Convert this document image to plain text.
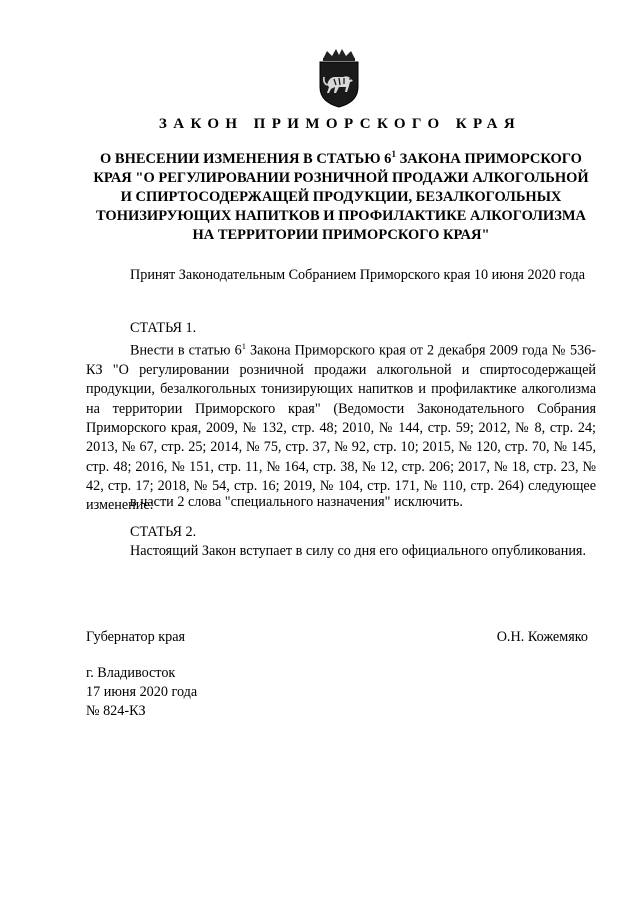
ЗАКОН ПРИМОРСКОГО КРАЯ
О ВНЕСЕНИИ ИЗМЕНЕНИЯ В СТАТЬЮ $6^1$ ЗАКОНА ПРИМОРСКОГО КРАЯ "О РЕГУЛИРОВАНИИ РОЗНИЧНОЙ ПРОДАЖИ АЛКОГОЛЬНОЙ И СПИРТОСОДЕРЖАЩЕЙ ПРОДУКЦИИ, БЕЗАЛКОГОЛЬНЫХ ТОНИЗИРУЮЩИХ НАПИТКОВ И ПРОФИЛАКТИКЕ АЛКОГОЛИЗМА НА ТЕРРИТОРИИ ПРИМОРСКОГО КРАЯ"
Принят Законодательным Собранием Приморского края 10 июня 2020 года
СТАТЬЯ 1.
Внести в статью $6^1$ Закона Приморского края от 2 декабря 2009 года № 536-КЗ "О регулировании розничной продажи алкогольной и спиртосодержащей продукции, безалкогольных тонизирующих напитков и профилактике алкоголизма на территории Приморского края" (Ведомости Законодательного Собрания Приморского края, 2009, № 132, стр. 48; 2010, № 144, стр. 59; 2012, № 8, стр. 24; 2013, № 67, стр. 25; 2014, № 75, стр. 37, № 92, стр. 10; 2015, № 120, стр. 70, № 145, стр. 48; 2016, № 151, стр. 11, № 164, стр. 38, № 12, стр. 206; 2017, № 18, стр. 23, № 42, стр. 17; 2018, № 54, стр. 16; 2019, № 104, стр. 171, № 110, стр. 264) следующее изменение:
в части 2 слова "специального назначения" исключить.
СТАТЬЯ 2.
Настоящий Закон вступает в силу со дня его официального опубликования.
Губернатор края	О.Н. Кожемяко
г. Владивосток
17 июня 2020 года
№ 824-КЗ
